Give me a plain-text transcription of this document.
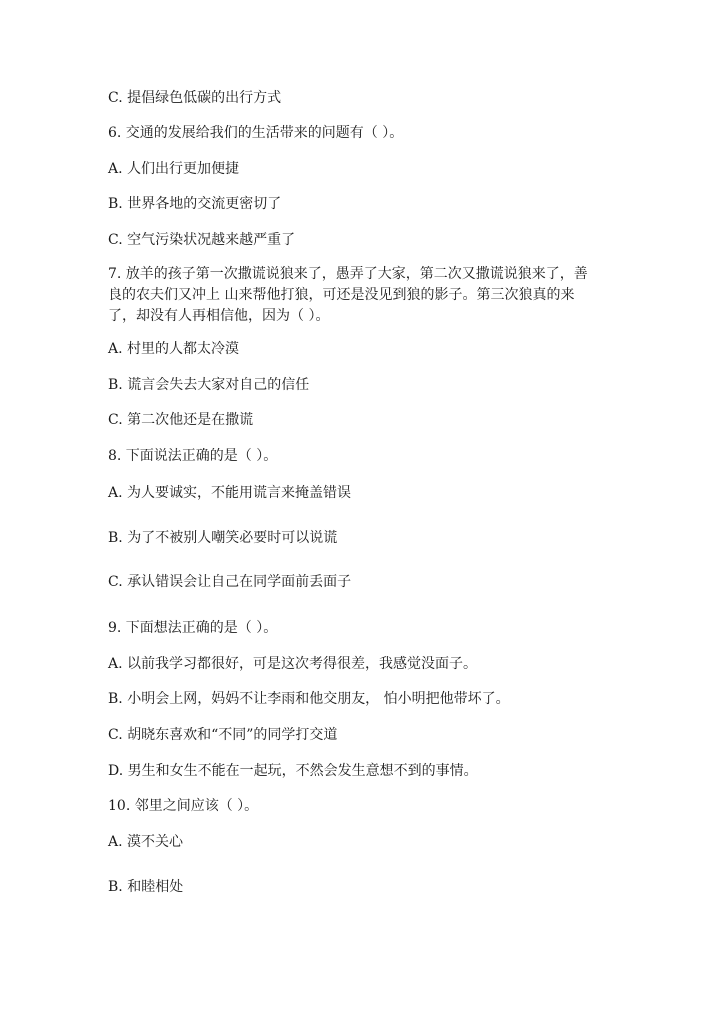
C. 提倡绿色低碳的出行方式
6. 交通的发展给我们的生活带来的问题有（ ）。
A. 人们出行更加便捷
B. 世界各地的交流更密切了
C. 空气污染状况越来越严重了
7. 放羊的孩子第一次撒谎说狼来了，愚弄了大家，第二次又撒谎说狼来了，善
良的农夫们又冲上 山来帮他打狼，可还是没见到狼的影子。第三次狼真的来
了，却没有人再相信他，因为（ ）。
A. 村里的人都太冷漠
B. 谎言会失去大家对自己的信任
C. 第二次他还是在撒谎
8. 下面说法正确的是（ ）。
A. 为人要诚实，不能用谎言来掩盖错误
B. 为了不被别人嘲笑必要时可以说谎
C. 承认错误会让自己在同学面前丢面子
9. 下面想法正确的是（ ）。
A. 以前我学习都很好，可是这次考得很差，我感觉没面子。
B. 小明会上网，妈妈不让李雨和他交朋友， 怕小明把他带坏了。
C. 胡晓东喜欢和“不同”的同学打交道
D. 男生和女生不能在一起玩，不然会发生意想不到的事情。
10. 邻里之间应该（ ）。
A. 漠不关心
B. 和睦相处
